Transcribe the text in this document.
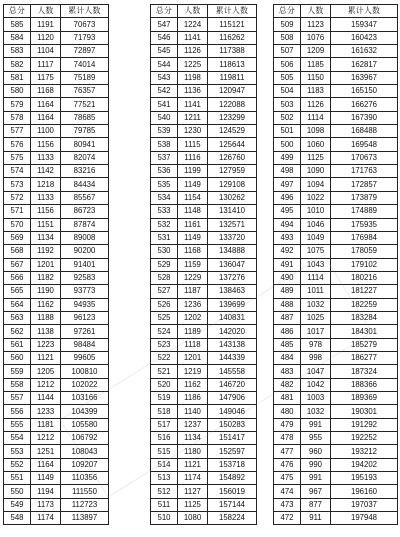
总分	人数	累计人数
585	1191	70673
584	1120	71793
583	1104	72897
582	1117	74014
581	1175	75189
580	1168	76357
579	1164	77521
578	1164	78685
577	1100	79785
576	1156	80941
575	1133	82074
574	1142	83216
573	1218	84434
572	1133	85567
571	1156	86723
570	1151	87874
569	1134	89008
568	1192	90200
567	1201	91401
566	1182	92583
565	1190	93773
564	1162	94935
563	1188	96123
562	1138	97261
561	1223	98484
560	1121	99605
559	1205	100810
558	1212	102022
557	1144	103166
556	1233	104399
555	1181	105580
554	1212	106792
553	1251	108043
552	1164	109207
551	1149	110356
550	1194	111550
549	1173	112723
548	1174	113897
总分	人数	累计人数
547	1224	115121
546	1141	116262
545	1126	117388
544	1225	118613
543	1198	119811
542	1136	120947
541	1141	122088
540	1211	123299
539	1230	124529
538	1115	125644
537	1116	126760
536	1199	127959
535	1149	129108
534	1154	130262
533	1148	131410
532	1161	132571
531	1149	133720
530	1168	134888
529	1159	136047
528	1229	137276
527	1187	138463
526	1236	139699
525	1202	140831
524	1189	142020
523	1118	143138
522	1201	144339
521	1219	145558
520	1162	146720
519	1186	147906
518	1140	149046
517	1237	150283
516	1134	151417
515	1180	152597
514	1121	153718
513	1174	154892
512	1127	156019
511	1125	157144
510	1080	158224
总分	人数	累计人数
509	1123	159347
508	1076	160423
507	1209	161632
506	1185	162817
505	1150	163967
504	1183	165150
503	1126	166276
502	1114	167390
501	1098	168488
500	1060	169548
499	1125	170673
498	1090	171763
497	1094	172857
496	1022	173879
495	1010	174889
494	1046	175935
493	1049	176984
492	1075	178059
491	1043	179102
490	1114	180216
489	1011	181227
488	1032	182259
487	1025	183284
486	1017	184301
485	978	185279
484	998	186277
483	1047	187324
482	1042	188366
481	1003	189369
480	1032	190301
479	991	191292
478	955	192252
477	960	193212
476	990	194202
475	991	195193
474	967	196160
473	877	197037
472	911	197948
